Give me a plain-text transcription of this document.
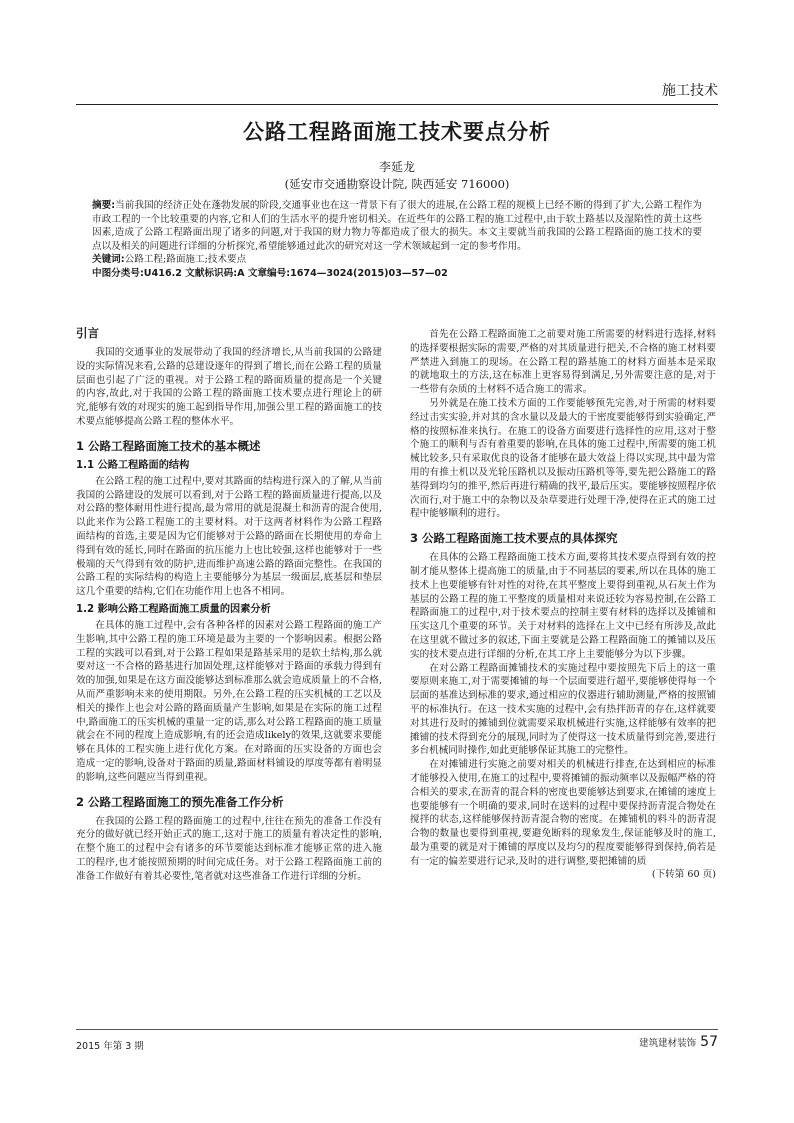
施工技术
公路工程路面施工技术要点分析
李延龙
(延安市交通勘察设计院, 陕西延安 716000)
摘要:当前我国的经济正处在蓬勃发展的阶段,交通事业也在这一背景下有了很大的进展,在公路工程的规模上已经不断的得到了扩大,公路工程作为市政工程的一个比较重要的内容,它和人们的生活水平的提升密切相关。在近些年的公路工程的施工过程中,由于软土路基以及湿陷性的黄土这些因素,造成了公路工程路面出现了诸多的问题,对于我国的财力物力等都造成了很大的损失。本文主要就当前我国的公路工程路面的施工技术的要点以及相关的问题进行详细的分析探究,希望能够通过此次的研究对这一学术领域起到一定的参考作用。
关键词:公路工程;路面施工;技术要点
中图分类号:U416.2 文献标识码:A 文章编号:1674—3024(2015)03—57—02
引言

我国的交通事业的发展带动了我国的经济增长,从当前我国的公路建设的实际情况来看,公路的总建设逐年的得到了增长,而在公路工程的质量层面也引起了广泛的重视。对于公路工程的路面质量的提高是一个关键的内容,故此,对于我国的公路工程的路面施工技术要点进行理论上的研究,能够有效的对现实的施工起到指导作用,加强公里工程的路面施工的技术要点能够提高公路工程的整体水平。

1 公路工程路面施工技术的基本概述
1.1 公路工程路面的结构

在公路工程的施工过程中,要对其路面的结构进行深入的了解,从当前我国的公路建设的发展可以看到,对于公路工程的路面质量进行提高,以及对公路的整体耐用性进行提高,最为常用的就是混凝土和沥青的混合使用,以此来作为公路工程施工的主要材料。对于这两者材料作为公路工程路面结构的首选,主要是因为它们能够对于公路的路面在长期使用的寿命上得到有效的延长,同时在路面的抗压能力上也比较强,这样也能够对于一些极端的天气得到有效的防护,进而维护高速公路的路面完整性。在我国的公路工程的实际结构的构造上主要能够分为基层一级面层,底基层和垫层这几个重要的结构,它们在功能作用上也各不相同。

1.2 影响公路工程路面施工质量的因素分析

在具体的施工过程中,会有各种各样的因素对公路工程路面的施工产生影响,其中公路工程的施工环境是最为主要的一个影响因素。根据公路工程的实践可以看到,对于公路工程如果是路基采用的是软土结构,那么就要对这一不合格的路基进行加固处理,这样能够对于路面的承载力得到有效的加强,如果是在这方面没能够达到标准那么就会造成质量上的不合格,从而严重影响未来的使用期限。另外,在公路工程的压实机械的工艺以及相关的操作上也会对公路的路面质量产生影响,如果是在实际的施工过程中,路面施工的压实机械的重量一定的话,那么对公路工程路面的施工质量就会在不同的程度上造成影响,有的还会造成likely的效果,这就要求要能够在具体的工程实施上进行优化方案。在对路面的压实设备的方面也会造成一定的影响,设备对于路面的质量,路面材料铺设的厚度等都有着明显的影响,这些问题应当得到重视。

2 公路工程路面施工的预先准备工作分析

在我国的公路工程的路面施工的过程中,往往在预先的准备工作没有充分的做好就已经开始正式的施工,这对于施工的质量有着决定性的影响,在整个施工的过程中会有诸多的环节要能达到标准才能够正常的进入施工的程序,也才能按照预期的时间完成任务。对于公路工程路面施工前的准备工作做好有着其必要性,笔者就对这些准备工作进行详细的分析。

首先在公路工程路面施工之前要对施工所需要的材料进行选择,材料的选择要根据实际的需要,严格的对其质量进行把关,不合格的施工材料要严禁进入到施工的现场。在公路工程的路基施工的材料方面基本是采取的就地取土的方法,这在标准上更容易得到满足,另外需要注意的是,对于一些带有杂质的土材料不适合施工的需求。

另外就是在施工技术方面的工作要能够预先完善,对于所需的材料要经过击实实验,并对其的含水量以及最大的干密度要能够得到实验确定,严格的按照标准来执行。在施工的设备方面要进行选择性的应用,这对于整个施工的顺利与否有着重要的影响,在具体的施工过程中,所需要的施工机械比较多,只有采取优良的设备才能够在最大效益上得以实现,其中最为常用的有推土机以及光轮压路机以及振动压路机等等,要先把公路施工的路基得到均匀的推平,然后再进行精确的找平,最后压实。要能够按照程序依次而行,对于施工中的杂物以及杂草要进行处理干净,使得在正式的施工过程中能够顺利的进行。

3 公路工程路面施工技术要点的具体探究

在具体的公路工程路面施工技术方面,要将其技术要点得到有效的控制才能从整体上提高施工的质量,由于不同基层的要素,所以在具体的施工技术上也要能够有针对性的对待,在其平整度上要得到重视,从石灰土作为基层的公路工程的施工平整度的质量相对来说还较为容易控制,在公路工程路面施工的过程中,对于技术要点的控制主要有材料的选择以及摊铺和压实这几个重要的环节。关于对材料的选择在上文中已经有所涉及,故此在这里就不做过多的叙述,下面主要就是公路工程路面施工的摊铺以及压实的技术要点进行详细的分析,在其工序上主要能够分为以下步骤。

在对公路工程路面摊铺技术的实施过程中要按照先下后上的这一重要原则来施工,对于需要摊铺的每一个层面要进行超平,要能够使得每一个层面的基准达到标准的要求,通过相应的仪器进行辅助测量,严格的按照铺平的标准执行。在这一技术实施的过程中,会有热拌沥青的存在,这样就要对其进行及时的摊铺到位就需要采取机械进行实施,这样能够有效率的把摊铺的技术得到充分的展现,同时为了使得这一技术质量得到完善,要进行多台机械同时操作,如此更能够保证其施工的完整性。

在对摊铺进行实施之前要对相关的机械进行排查,在达到相应的标准才能够投入使用,在施工的过程中,要将摊铺的振动频率以及振幅严格的符合相关的要求,在沥青的混合料的密度也要能够达到要求,在摊铺的速度上也要能够有一个明确的要求,同时在送料的过程中要保持沥青混合物处在搅拌的状态,这样能够保持沥青混合物的密度。在摊铺机的料斗的沥青混合物的数量也要得到重视,要避免断料的现象发生,保证能够及时的施工,最为重要的就是对于摊铺的厚度以及均匀的程度要能够得到保持,倘若是有一定的偏差要进行记录,及时的进行调整,要把摊铺的质

(下转第 60 页)
2015 年第 3 期	建筑建材装饰 57
